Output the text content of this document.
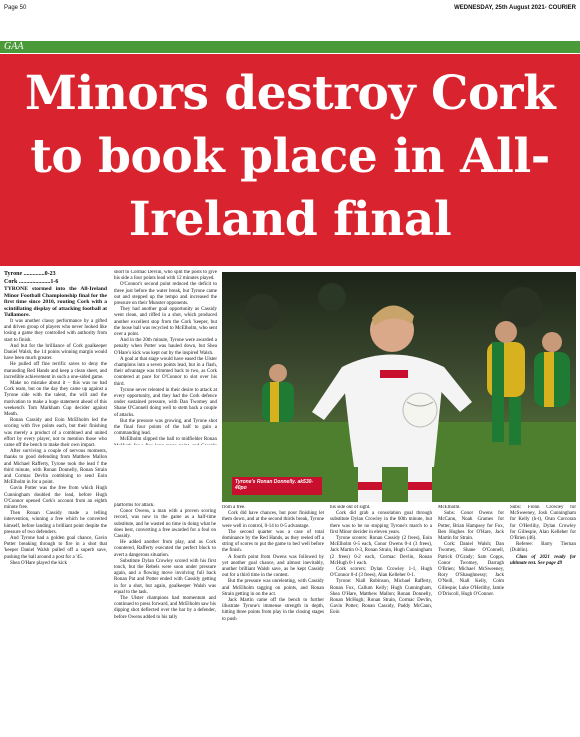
Page 50	WEDNESDAY, 25th August 2021- COURIER
GAA
Minors destroy Cork to book place in All-Ireland final

Tyrone ..............0-23

Cork .....................1-6

TYRONE stormed into the All-Ireland Minor Football Championship final for the first time since 2010, routing Cork with a scintillating display of attacking football at Tullamore.

It was another classy performance by a gifted and driven group of players who never looked like losing a game they controlled with authority from start to finish.

And but for the brilliance of Cork goalkeeper Daniel Walsh, the 14 points winning margin would have been much greater.

He pulled off fine terrific saves to deny the marauding Red Hands and keep a clean sheet, and incredible achievement in such a one-sided game.

Make no mistake about it – this was no bad Cork team, but on the day they came up against a Tyrone side with the talent, the will and the motivation to make a huge statement ahead of this weekend's Tom Markham Cup decider against Meath.

Ronan Cassidy and Eoin McElholm led the scoring with five points each, but their finishing was merely a product of a combined and united effort by every player, not to mention those who came off the bench to make their own impact.

After surviving a couple of nervous moments, thanks to good defending from Matthew Mallon and Michael Rafferty, Tyrone took the lead f the third minute, with Ronan Donnelly, Ronan Strain and Cormac Devlin combining to send Eoin McElholm in for a point.

Gavin Potter was the free from which Hugh Cunningham doubled the lead, before Hugh O'Connor opened Cork's account from an eighth minute free.

Then Ronan Cassidy made a telling intervention, winning a free which he converted himself, before landing a brilliant point despite the pressure of two defenders.

And Tyrone had a golden goal chance, Gavin Potter breaking through to fire in a shot that 'keeper Daniel Walsh pulled off a superb save, pushing the ball around a post for a '45.

Shea O'Hare played the kick

short to Cormac Devlin, who split the posts to give his side a four points lead with 12 minutes played.

O'Connor's second point reduced the deficit to three just before the water break, but Tyrone came out and stepped up the tempo and increased the pressure on their Munster opponents.

They had another goal opportunity as Cassidy went clean, and riffed in a shot, which produced another excellent stop from the Cork 'keeper, but the loose ball was recycled to McElholm, who sent over a point.

And in the 20th minute, Tyrone were awarded a penalty when Potter was hauled down, but Shea O'Hare's kick was kept out by the inspired Walsh.

A goal at that stage would have eased the Ulster champions into a seven points lead, but in a flash, their advantage was trimmed back to two, as Cork countered at pace for O'Connor to slot over his third.

Tyrone never relented in their desire to attack at every opportunity, and they had the Cork defence under sustained pressure, with Dan Twomey and Shane O'Connell doing well to stem back a couple of attacks.

But the pressure was growing, and Tyrone shot the final four points of the half to gain a commanding lead.

McElholm slipped the ball to midfielder Ronan

Tyrone's Ronan Donnelly. ak530-40po

platforms for attack.

Conor Owens, a man with a proven scoring record, was now in the game as a half-time substitute, and he wasted no time in doing what he does best, converting a free awarded for a foul on Cassidy.

He added another from play, and as Cork countered, Rafferty executed the perfect block to avert a dangerous situation.

Substitute Dylan Crowley scored with his first touch, but the Rebels were soon under pressure again, and a flowing move involving full back Ronan Pat and Potter ended with Cassidy getting in for a shot, but again, goalkeeper Walsh was equal to the task.

The Ulster champions had momentum and continued to press forward, and McElholm saw his dipping shot deflected over the bar by a defender, before Owens added to his tally

from a free.

Cork did have chances, but poor finishing let them down, and at the second thirds break, Tyrone were well in control, 0-14 to 0-5 advantage.

The second quarter was a case of total dominance by the Red Hands, as they reeled off a string of scores to put the game to bed well before the finish.

A fourth point from Owens was followed by yet another goal chance, and almost inevitably, another brilliant Walsh save, as he kept Cassidy out for a third time in the contest.

But the pressure was unrelenting, with Cassidy and McElholm tagging on points, and Ronan Strain getting in on the act.

Jack Martin came off the bench to further illustrate Tyrone's immense strength in depth, hitting three points from play in the closing stages to push

his side out of sight.

Cork did grab a consolation goal through substitute Dylan Crowley in the 60th minute, but there was to be no stopping Tyrone's march to a first Minor decider in eleven years.

Tyrone scorers: Ronan Cassidy (2 frees), Eoin McElholm 0-5 each, Conor Owens 0-4 (3 frees), Jack Martin 0-3, Ronan Strain, Hugh Cunningham (2 frees) 0-2 each, Cormac Devlin, Ronan McHugh 0-1 each.

Cork scorers: Dylan Crowley 1-1, Hugh O'Connor 0-4 (3 frees), Alan Kelleher 0-1.

Tyrone: Niall Robinson, Michael Rafferty, Ronan Fox, Callum Kelly; Hugh Cunningham, Shea O'Hare, Matthew Mallon; Ronan Donnelly, Ronan McHugh; Ronan Strain, Cormac Devlin, Gavin Potter; Ronan Cassidy, Paddy McCann, Eoin

McElholm.

Subs: Conor Owens for McCann, Noah Grames for Potter, Brian Hampsey for Fox, Ben Hughes for O'Hare, Jack Martin for Strain.

Cork: Daniel Walsh; Dan Twomey, Shane O'Connell, Patrick O'Grady; Sam Copps, Conor Twomey, Darragh O'Brien; Michael McSweeney, Rory O'Shaughnessy; Jack O'Neill, Niall Kelly, Colm Gillespie; Luke O'Herlihy, Jamie O'Driscoll, Hugh O'Connor.

Subs: Fionn Crowley for McSweeney, Josh Cunningham for Kelly (h-t), Oran Corcoran for O'Herlihy, Dylan Crowley for Gillespie, Alan Kelleher for O'Brien (46).

Referee: Barry Tiernan (Dublin).

Class of 2021 ready for ultimate test. See page 49
